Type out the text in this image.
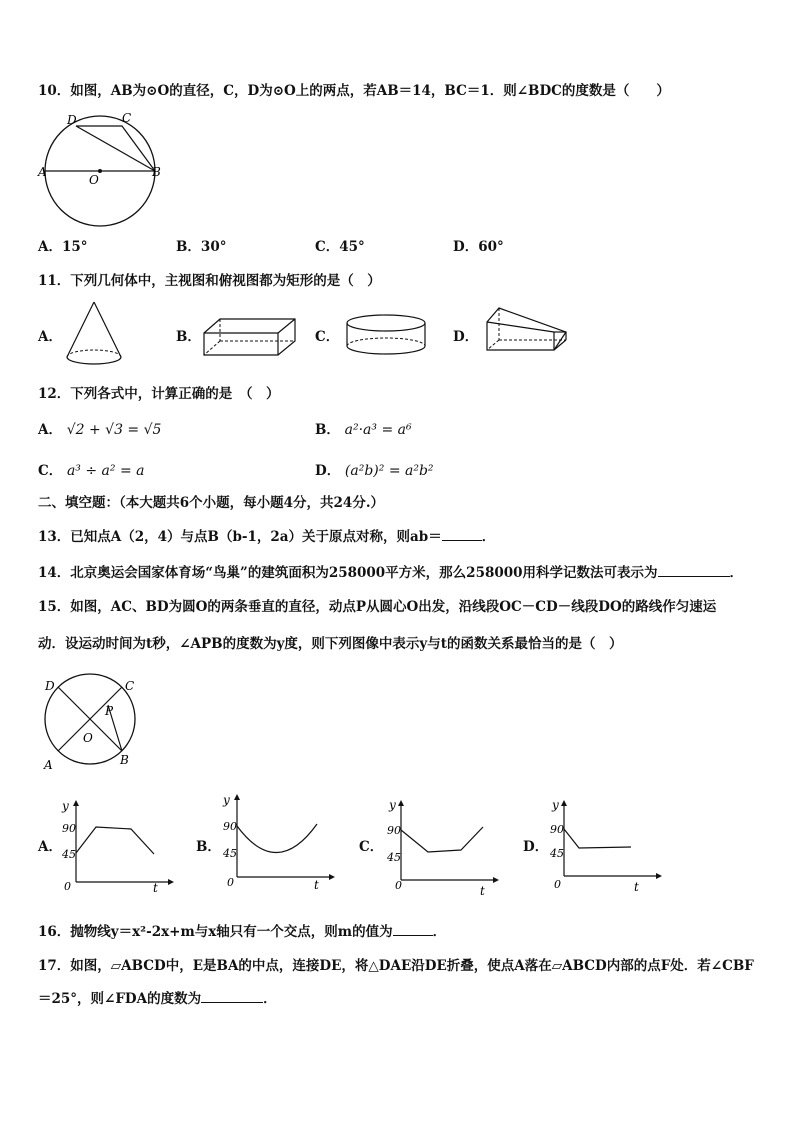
10．如图，AB为⊙O的直径，C，D为⊙O上的两点，若AB＝14，BC＝1．则∠BDC的度数是（　　）
A	B
C
D
O
A．15°	B．30°	C．45°	D．60°
11．下列几何体中，主视图和俯视图都为矩形的是（　）
A．	B．	C．	D．
12．下列各式中，计算正确的是　（　）
A． √2 + √3 = √5	B． a²·a³ = a⁶
C． a³ ÷ a² = a	D． (a²b)² = a²b²
二、填空题：（本大题共6个小题，每小题4分，共24分.）
13．已知点A（2，4）与点B（b-1，2a）关于原点对称，则ab＝	．
14．北京奥运会国家体育场“鸟巢”的建筑面积为258000平方米，那么258000用科学记数法可表示为	．
15．如图，AC、BD为圆O的两条垂直的直径，动点P从圆心O出发，沿线段OC－CD－线段DO的路线作匀速运
动．设运动时间为t秒，∠APB的度数为y度，则下列图像中表示y与t的函数关系最恰当的是（　）
D	C
P
O
A	B
A．
y
90
45
0	t
B．
y
90
45
0	t
C．
y
90
45
0	t
D．
y
90
45
0	t
16．抛物线y＝x²-2x+m与x轴只有一个交点，则m的值为	．
17．如图，▱ABCD中，E是BA的中点，连接DE，将△DAE沿DE折叠，使点A落在▱ABCD内部的点F处．若∠CBF
＝25°，则∠FDA的度数为	．
